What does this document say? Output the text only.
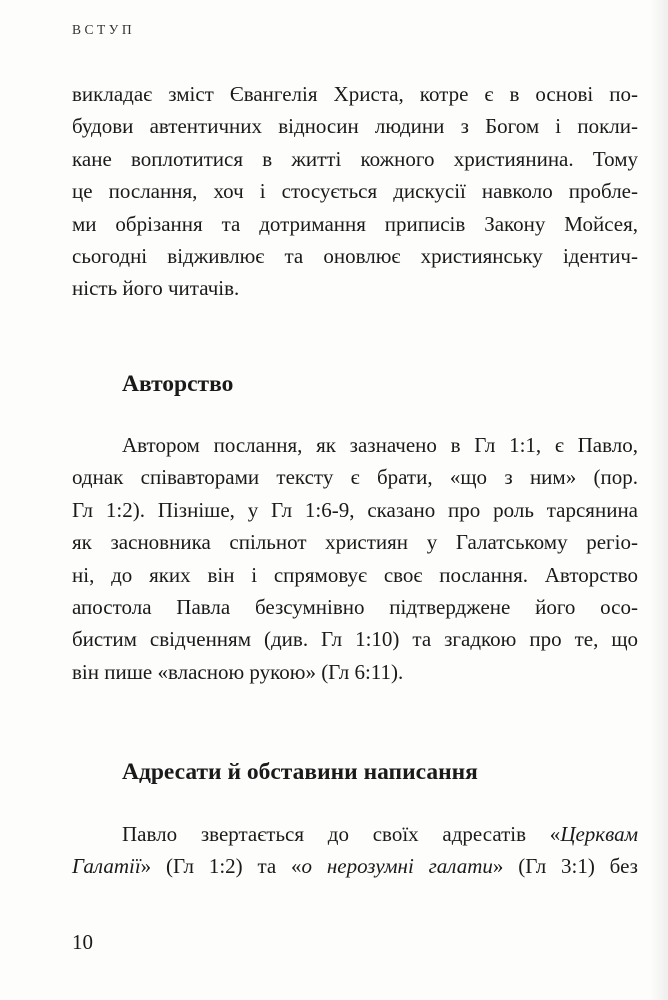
ВСТУП
викладає зміст Євангелія Христа, котре є в основі по-
будови автентичних відносин людини з Богом і покли-
кане воплотитися в житті кожного християнина. Тому
це послання, хоч і стосується дискусії навколо пробле-
ми обрізання та дотримання приписів Закону Мойсея,
сьогодні відживлює та оновлює християнську ідентич-
ність його читачів.
Авторство
Автором послання, як зазначено в Гл 1:1, є Павло,
однак співавторами тексту є брати, «що з ним» (пор.
Гл 1:2). Пізніше, у Гл 1:6-9, сказано про роль тарсянина
як засновника спільнот християн у Галатському регіо-
ні, до яких він і спрямовує своє послання. Авторство
апостола Павла безсумнівно підтверджене його осо-
бистим свідченням (див. Гл 1:10) та згадкою про те, що
він пише «власною рукою» (Гл 6:11).
Адресати й обставини написання
Павло звертається до своїх адресатів «Церквам
Галатії» (Гл 1:2) та «о нерозумні галати» (Гл 3:1) без
10
